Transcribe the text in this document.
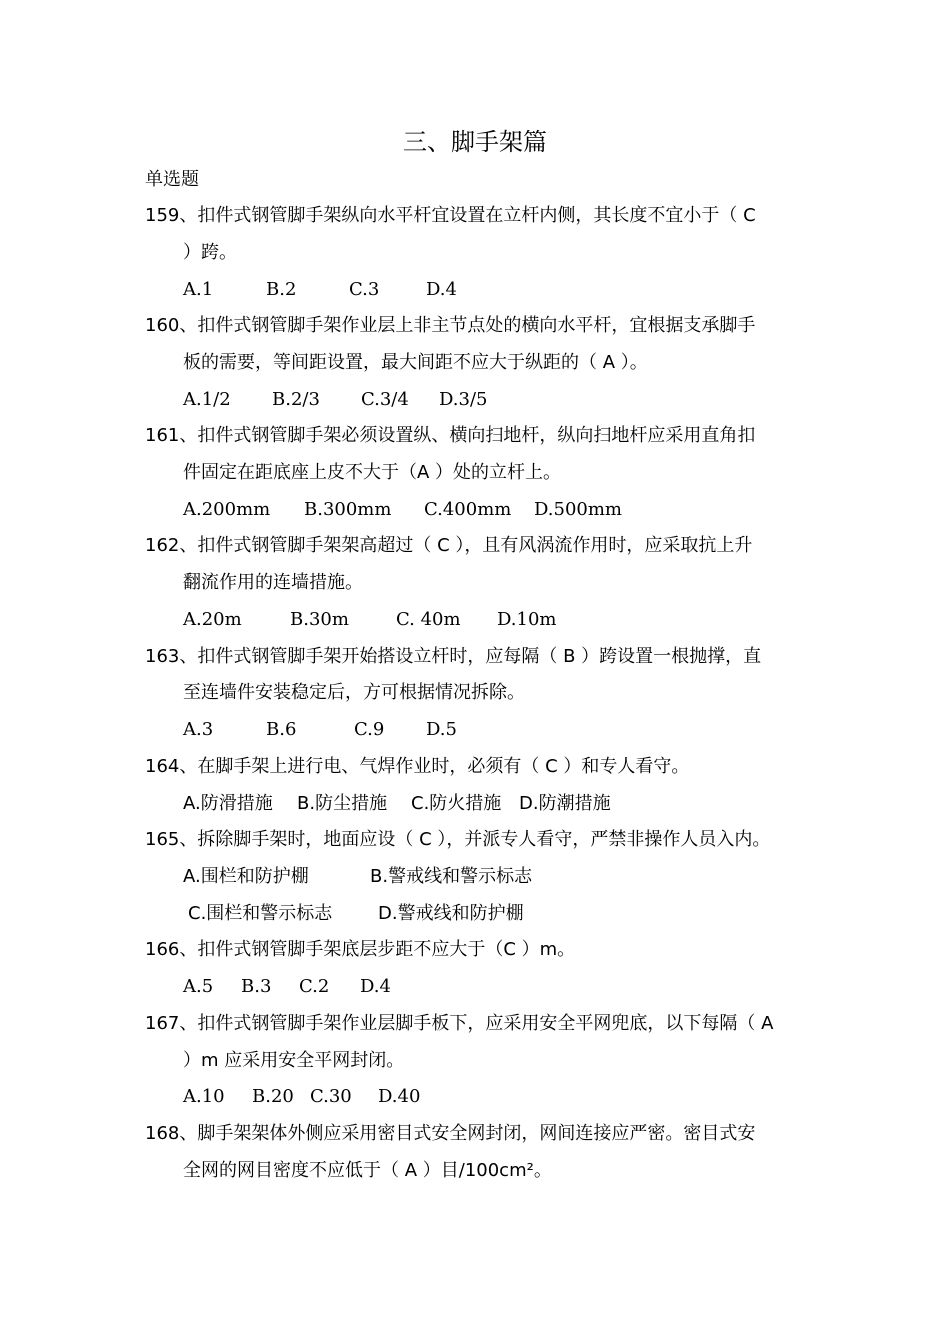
三、脚手架篇
单选题
159、扣件式钢管脚手架纵向水平杆宜设置在立杆内侧，其长度不宜小于（ C
）跨。
A.1	B.2	C.3	D.4
160、扣件式钢管脚手架作业层上非主节点处的横向水平杆，宜根据支承脚手
板的需要，等间距设置，最大间距不应大于纵距的（ A ）。
A.1/2 B.2/3 C.3/4 D.3/5
161、扣件式钢管脚手架必须设置纵、横向扫地杆，纵向扫地杆应采用直角扣
件固定在距底座上皮不大于（A ）处的立杆上。
A.200mm B.300mm C.400mm D.500mm
162、扣件式钢管脚手架架高超过（ C ），且有风涡流作用时，应采取抗上升
翻流作用的连墙措施。
A.20m	B.30m	C. 40m D.10m
163、扣件式钢管脚手架开始搭设立杆时，应每隔（ B ）跨设置一根抛撑，直
至连墙件安装稳定后，方可根据情况拆除。
A.3	B.6	C.9 D.5
164、在脚手架上进行电、气焊作业时，必须有（ C ）和专人看守。
A.防滑措施 B.防尘措施 C.防火措施 D.防潮措施
165、拆除脚手架时，地面应设（ C ），并派专人看守，严禁非操作人员入内。
A.围栏和防护棚	B.警戒线和警示标志
C.围栏和警示标志	D.警戒线和防护棚
166、扣件式钢管脚手架底层步距不应大于（C ）m。
A.5 B.3 C.2 D.4
167、扣件式钢管脚手架作业层脚手板下，应采用安全平网兜底，以下每隔（ A
）m 应采用安全平网封闭。
A.10 B.20 C.30 D.40
168、脚手架架体外侧应采用密目式安全网封闭，网间连接应严密。密目式安
全网的网目密度不应低于（ A ）目/100cm²。
